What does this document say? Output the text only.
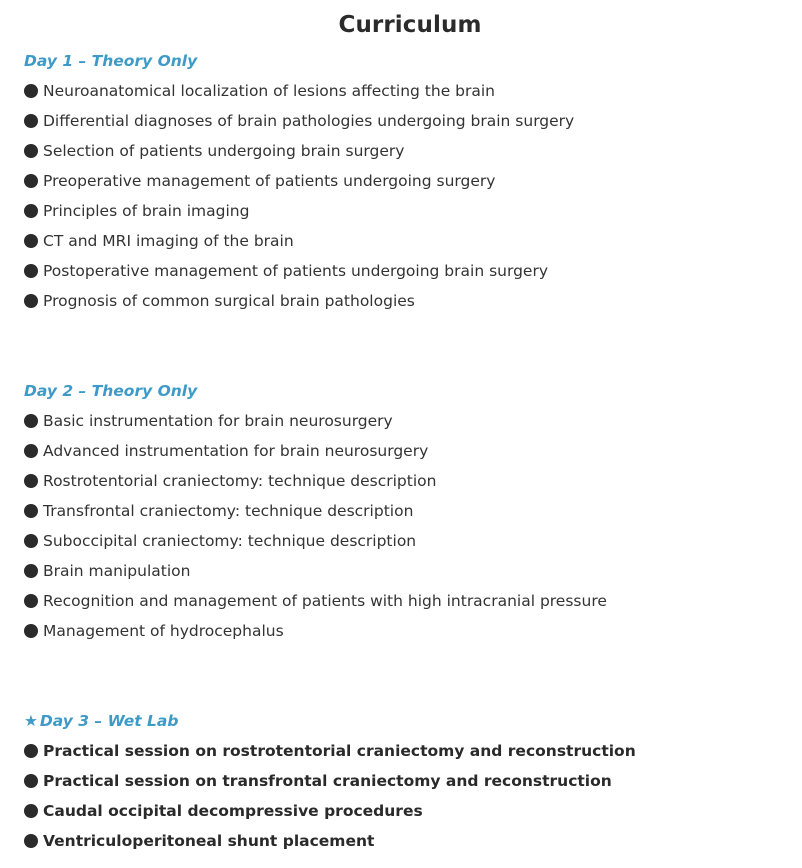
Curriculum
Day 1 – Theory Only
Neuroanatomical localization of lesions affecting the brain
Differential diagnoses of brain pathologies undergoing brain surgery
Selection of patients undergoing brain surgery
Preoperative management of patients undergoing surgery
Principles of brain imaging
CT and MRI imaging of the brain
Postoperative management of patients undergoing brain surgery
Prognosis of common surgical brain pathologies
Day 2 – Theory Only
Basic instrumentation for brain neurosurgery
Advanced instrumentation for brain neurosurgery
Rostrotentorial craniectomy: technique description
Transfrontal craniectomy: technique description
Suboccipital craniectomy: technique description
Brain manipulation
Recognition and management of patients with high intracranial pressure
Management of hydrocephalus
★ Day 3 – Wet Lab
Practical session on rostrotentorial craniectomy and reconstruction
Practical session on transfrontal craniectomy and reconstruction
Caudal occipital decompressive procedures
Ventriculoperitoneal shunt placement
